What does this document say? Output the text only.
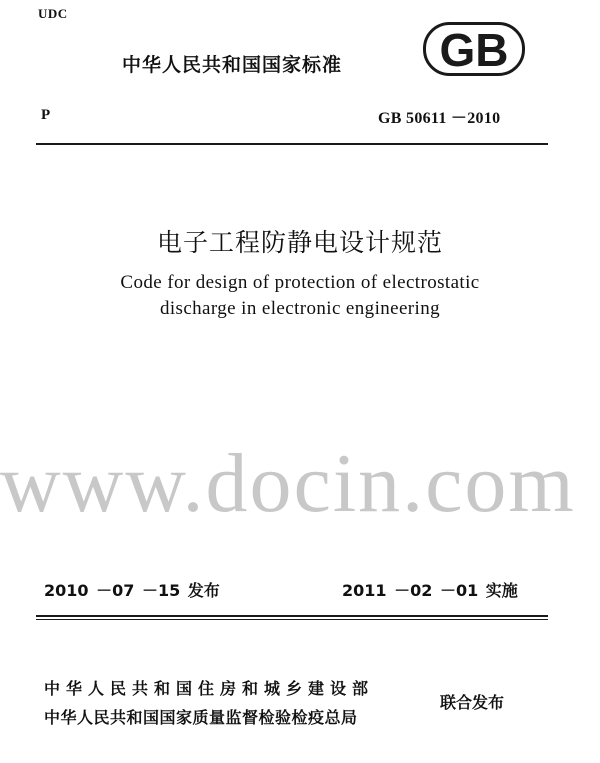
UDC
中华人民共和国国家标准 GB
P	GB 50611 －2010
电子工程防静电设计规范
Code for design of protection of electrostatic
discharge in electronic engineering
www.docin.com
2010 －07 －15 发布	2011 －02 －01 实施
中华人民共和国住房和城乡建设部
中华人民共和国国家质量监督检验检疫总局
联合发布
